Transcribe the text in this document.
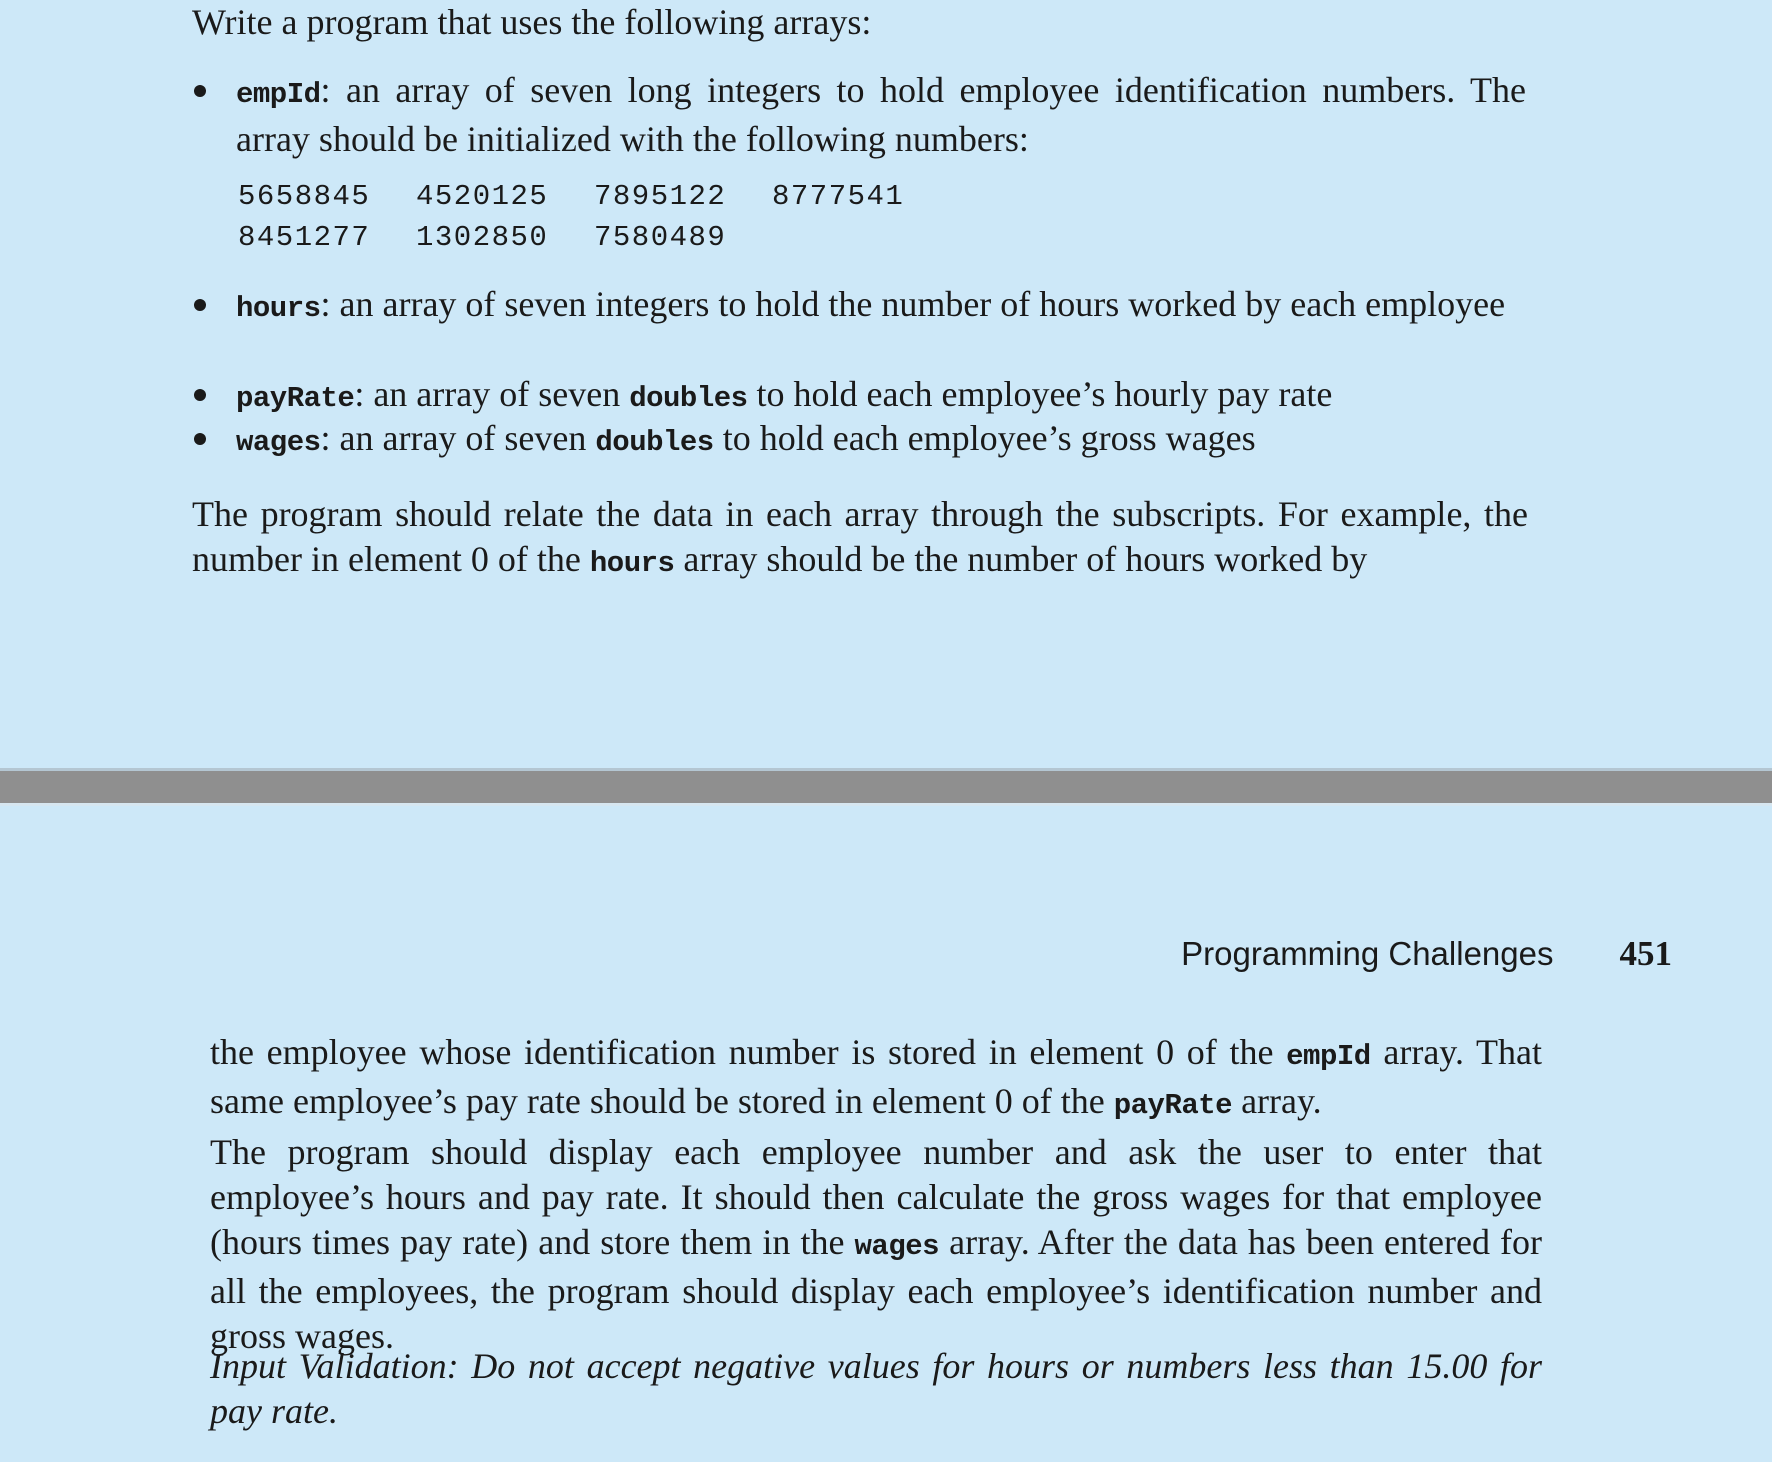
Write a program that uses the following arrays:

empId: an array of seven long integers to hold employee identification numbers. The array should be initialized with the following numbers:
5658845	4520125	7895122	8777541
8451277	1302850	7580489
hours: an array of seven integers to hold the number of hours worked by each employee
payRate: an array of seven doubles to hold each employee’s hourly pay rate
wages: an array of seven doubles to hold each employee’s gross wages

The program should relate the data in each array through the subscripts. For example, the number in element 0 of the hours array should be the number of hours worked by

Programming Challenges 451

the employee whose identification number is stored in element 0 of the empId array. That same employee’s pay rate should be stored in element 0 of the payRate array.

The program should display each employee number and ask the user to enter that employee’s hours and pay rate. It should then calculate the gross wages for that employee (hours times pay rate) and store them in the wages array. After the data has been entered for all the employees, the program should display each employee’s identification number and gross wages.

Input Validation: Do not accept negative values for hours or numbers less than 15.00 for pay rate.
